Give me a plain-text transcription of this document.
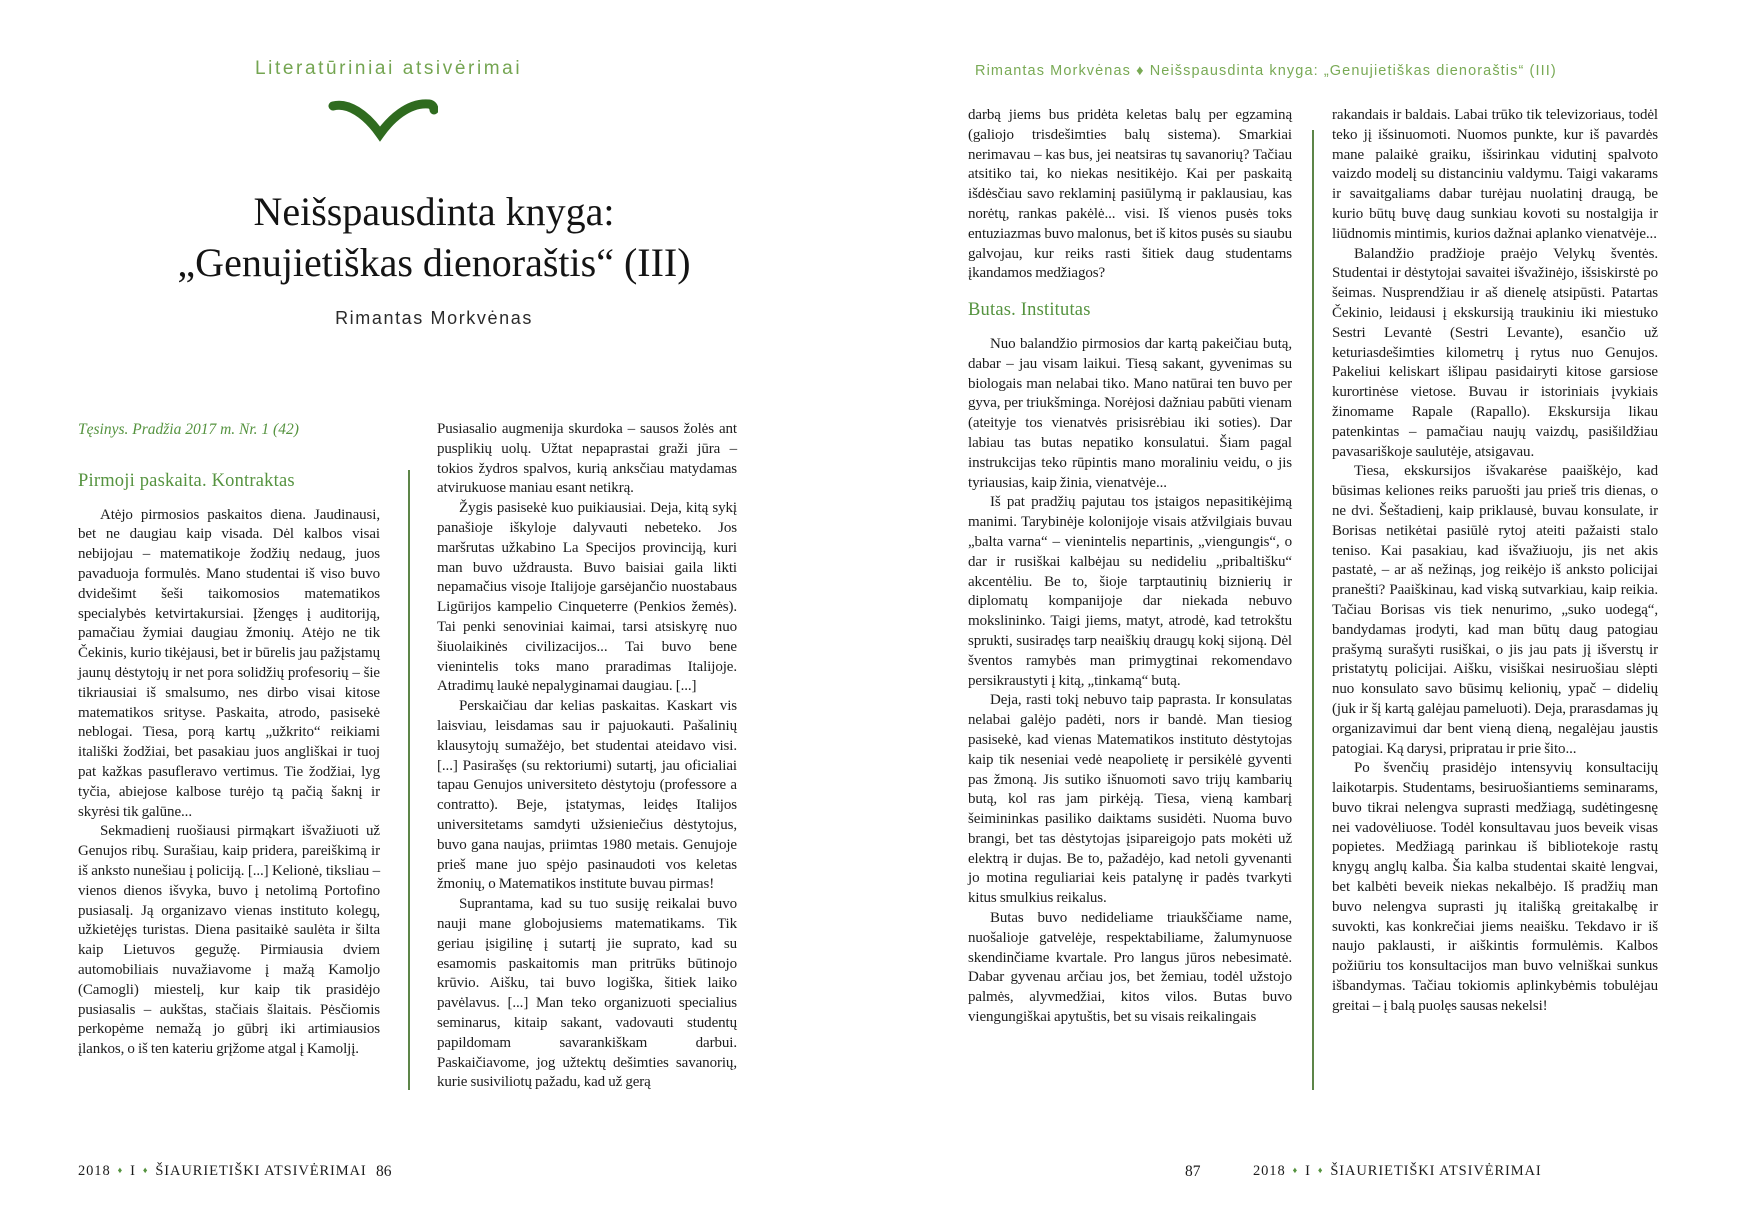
Literatūriniai atsivėrimai
Neišspausdinta knyga:
„Genujietiškas dienoraštis“ (III)
Rimantas Morkvėnas

Tęsinys. Pradžia 2017 m. Nr. 1 (42)

Pirmoji paskaita. Kontraktas

Atėjo pirmosios paskaitos diena. Jaudinausi, bet ne daugiau kaip visada. Dėl kalbos visai nebijojau – matematikoje žodžių nedaug, juos pavaduoja formulės. Mano studentai iš viso buvo dvidešimt šeši taikomosios matematikos specialybės ketvirtakursiai. Įžengęs į auditoriją, pamačiau žymiai daugiau žmonių. Atėjo ne tik Čekinis, kurio tikėjausi, bet ir būrelis jau pažįstamų jaunų dėstytojų ir net pora solidžių profesorių – šie tikriausiai iš smalsumo, nes dirbo visai kitose matematikos srityse. Paskaita, atrodo, pasisekė neblogai. Tiesa, porą kartų „užkrito“ reikiami itališki žodžiai, bet pasakiau juos angliškai ir tuoj pat kažkas pasufleravo vertimus. Tie žodžiai, lyg tyčia, abiejose kalbose turėjo tą pačią šaknį ir skyrėsi tik galūne...

Sekmadienį ruošiausi pirmąkart išvažiuoti už Genujos ribų. Surašiau, kaip pridera, pareiškimą ir iš anksto nunešiau į policiją. [...] Kelionė, tiksliau – vienos dienos išvyka, buvo į netolimą Portofino pusiasalį. Ją organizavo vienas instituto kolegų, užkietėjęs turistas. Diena pasitaikė saulėta ir šilta kaip Lietuvos gegužę. Pirmiausia dviem automobiliais nuvažiavome į mažą Kamoljo (Camogli) miestelį, kur kaip tik prasidėjo pusiasalis – aukštas, stačiais šlaitais. Pėsčiomis perkopėme nemažą jo gūbrį iki artimiausios įlankos, o iš ten kateriu grįžome atgal į Kamoljį.

Pusiasalio augmenija skurdoka – sausos žolės ant pusplikių uolų. Užtat nepaprastai graži jūra – tokios žydros spalvos, kurią anksčiau matydamas atvirukuose maniau esant netikrą.

Žygis pasisekė kuo puikiausiai. Deja, kitą sykį panašioje iškyloje dalyvauti nebeteko. Jos maršrutas užkabino La Specijos provinciją, kuri man buvo uždrausta. Buvo baisiai gaila likti nepamačius visoje Italijoje garsėjančio nuostabaus Ligūrijos kampelio Cinqueterre (Penkios žemės). Tai penki senoviniai kaimai, tarsi atsiskyrę nuo šiuolaikinės civilizacijos... Tai buvo bene vienintelis toks mano praradimas Italijoje. Atradimų laukė nepalyginamai daugiau. [...]

Perskaičiau dar kelias paskaitas. Kaskart vis laisviau, leisdamas sau ir pajuokauti. Pašalinių klausytojų sumažėjo, bet studentai ateidavo visi. [...] Pasirašęs (su rektoriumi) sutartį, jau oficialiai tapau Genujos universiteto dėstytoju (professore a contratto). Beje, įstatymas, leidęs Italijos universitetams samdyti užsieniečius dėstytojus, buvo gana naujas, priimtas 1980 metais. Genujoje prieš mane juo spėjo pasinaudoti vos keletas žmonių, o Matematikos institute buvau pirmas!

Suprantama, kad su tuo susiję reikalai buvo nauji mane globojusiems matematikams. Tik geriau įsigilinę į sutartį jie suprato, kad su esamomis paskaitomis man pritrūks būtinojo krūvio. Aišku, tai buvo logiška, šitiek laiko pavėlavus. [...] Man teko organizuoti specialius seminarus, kitaip sakant, vadovauti studentų papildomam savarankiškam darbui. Paskaičiavome, jog užtektų dešimties savanorių, kurie susiviliotų pažadu, kad už gerą

2018 ♦ I ♦ ŠIAURIETIŠKI ATSIVĖRIMAI 86
Rimantas Morkvėnas ♦ Neišspausdinta knyga: „Genujietiškas dienoraštis“ (III)

darbą jiems bus pridėta keletas balų per egzaminą (galiojo trisdešimties balų sistema). Smarkiai nerimavau – kas bus, jei neatsiras tų savanorių? Tačiau atsitiko tai, ko niekas nesitikėjo. Kai per paskaitą išdėsčiau savo reklaminį pasiūlymą ir paklausiau, kas norėtų, rankas pakėlė... visi. Iš vienos pusės toks entuziazmas buvo malonus, bet iš kitos pusės su siaubu galvojau, kur reiks rasti šitiek daug studentams įkandamos medžiagos?

Butas. Institutas

Nuo balandžio pirmosios dar kartą pakeičiau butą, dabar – jau visam laikui. Tiesą sakant, gyvenimas su biologais man nelabai tiko. Mano natūrai ten buvo per gyva, per triukšminga. Norėjosi dažniau pabūti vienam (ateityje tos vienatvės prisisrėbiau iki soties). Dar labiau tas butas nepatiko konsulatui. Šiam pagal instrukcijas teko rūpintis mano moraliniu veidu, o jis tyriausias, kaip žinia, vienatvėje...

Iš pat pradžių pajutau tos įstaigos nepasitikėjimą manimi. Tarybinėje kolonijoje visais atžvilgiais buvau „balta varna“ – vienintelis nepartinis, „viengungis“, o dar ir rusiškai kalbėjau su nedideliu „pribaltišku“ akcentėliu. Be to, šioje tarptautinių biznierių ir diplomatų kompanijoje dar niekada nebuvo mokslininko. Taigi jiems, matyt, atrodė, kad tetrokštu sprukti, susiradęs tarp neaiškių draugų kokį sijoną. Dėl šventos ramybės man primygtinai rekomendavo persikraustyti į kitą, „tinkamą“ butą.

Deja, rasti tokį nebuvo taip paprasta. Ir konsulatas nelabai galėjo padėti, nors ir bandė. Man tiesiog pasisekė, kad vienas Matematikos instituto dėstytojas kaip tik neseniai vedė neapolietę ir persikėlė gyventi pas žmoną. Jis sutiko išnuomoti savo trijų kambarių butą, kol ras jam pirkėją. Tiesa, vieną kambarį šeimininkas pasiliko daiktams susidėti. Nuoma buvo brangi, bet tas dėstytojas įsipareigojo pats mokėti už elektrą ir dujas. Be to, pažadėjo, kad netoli gyvenanti jo motina reguliariai keis patalynę ir padės tvarkyti kitus smulkius reikalus.

Butas buvo nedideliame triaukščiame name, nuošalioje gatvelėje, respektabiliame, žalumynuose skendinčiame kvartale. Pro langus jūros nebesimatė. Dabar gyvenau arčiau jos, bet žemiau, todėl užstojo palmės, alyvmedžiai, kitos vilos. Butas buvo viengungiškai apytuštis, bet su visais reikalingais

rakandais ir baldais. Labai trūko tik televizoriaus, todėl teko jį išsinuomoti. Nuomos punkte, kur iš pavardės mane palaikė graiku, išsirinkau vidutinį spalvoto vaizdo modelį su distanciniu valdymu. Taigi vakarams ir savaitgaliams dabar turėjau nuolatinį draugą, be kurio būtų buvę daug sunkiau kovoti su nostalgija ir liūdnomis mintimis, kurios dažnai aplanko vienatvėje...

Balandžio pradžioje praėjo Velykų šventės. Studentai ir dėstytojai savaitei išvažinėjo, išsiskirstė po šeimas. Nusprendžiau ir aš dienelę atsipūsti. Patartas Čekinio, leidausi į ekskursiją traukiniu iki miestuko Sestri Levantė (Sestri Levante), esančio už keturiasdešimties kilometrų į rytus nuo Genujos. Pakeliui keliskart išlipau pasidairyti kitose garsiose kurortinėse vietose. Buvau ir istoriniais įvykiais žinomame Rapale (Rapallo). Ekskursija likau patenkintas – pamačiau naujų vaizdų, pasišildžiau pavasariškoje saulutėje, atsigavau.

Tiesa, ekskursijos išvakarėse paaiškėjo, kad būsimas keliones reiks paruošti jau prieš tris dienas, o ne dvi. Šeštadienį, kaip priklausė, buvau konsulate, ir Borisas netikėtai pasiūlė rytoj ateiti pažaisti stalo teniso. Kai pasakiau, kad išvažiuoju, jis net akis pastatė, – ar aš nežinąs, jog reikėjo iš anksto policijai pranešti? Paaiškinau, kad viską sutvarkiau, kaip reikia. Tačiau Borisas vis tiek nenurimo, „suko uodegą“, bandydamas įrodyti, kad man būtų daug patogiau prašymą surašyti rusiškai, o jis jau pats jį išverstų ir pristatytų policijai. Aišku, visiškai nesiruošiau slėpti nuo konsulato savo būsimų kelionių, ypač – didelių (juk ir šį kartą galėjau pameluoti). Deja, prarasdamas jų organizavimui dar bent vieną dieną, negalėjau jaustis patogiai. Ką darysi, pripratau ir prie šito...

Po švenčių prasidėjo intensyvių konsultacijų laikotarpis. Studentams, besiruošiantiems seminarams, buvo tikrai nelengva suprasti medžiagą, sudėtingesnę nei vadovėliuose. Todėl konsultavau juos beveik visas popietes. Medžiagą parinkau iš bibliotekoje rastų knygų anglų kalba. Šia kalba studentai skaitė lengvai, bet kalbėti beveik niekas nekalbėjo. Iš pradžių man buvo nelengva suprasti jų itališką greitakalbę ir suvokti, kas konkrečiai jiems neaišku. Tekdavo ir iš naujo paklausti, ir aiškintis formulėmis. Kalbos požiūriu tos konsultacijos man buvo velniškai sunkus išbandymas. Tačiau tokiomis aplinkybėmis tobulėjau greitai – į balą puolęs sausas nekelsi!

87	2018 ♦ I ♦ ŠIAURIETIŠKI ATSIVĖRIMAI
